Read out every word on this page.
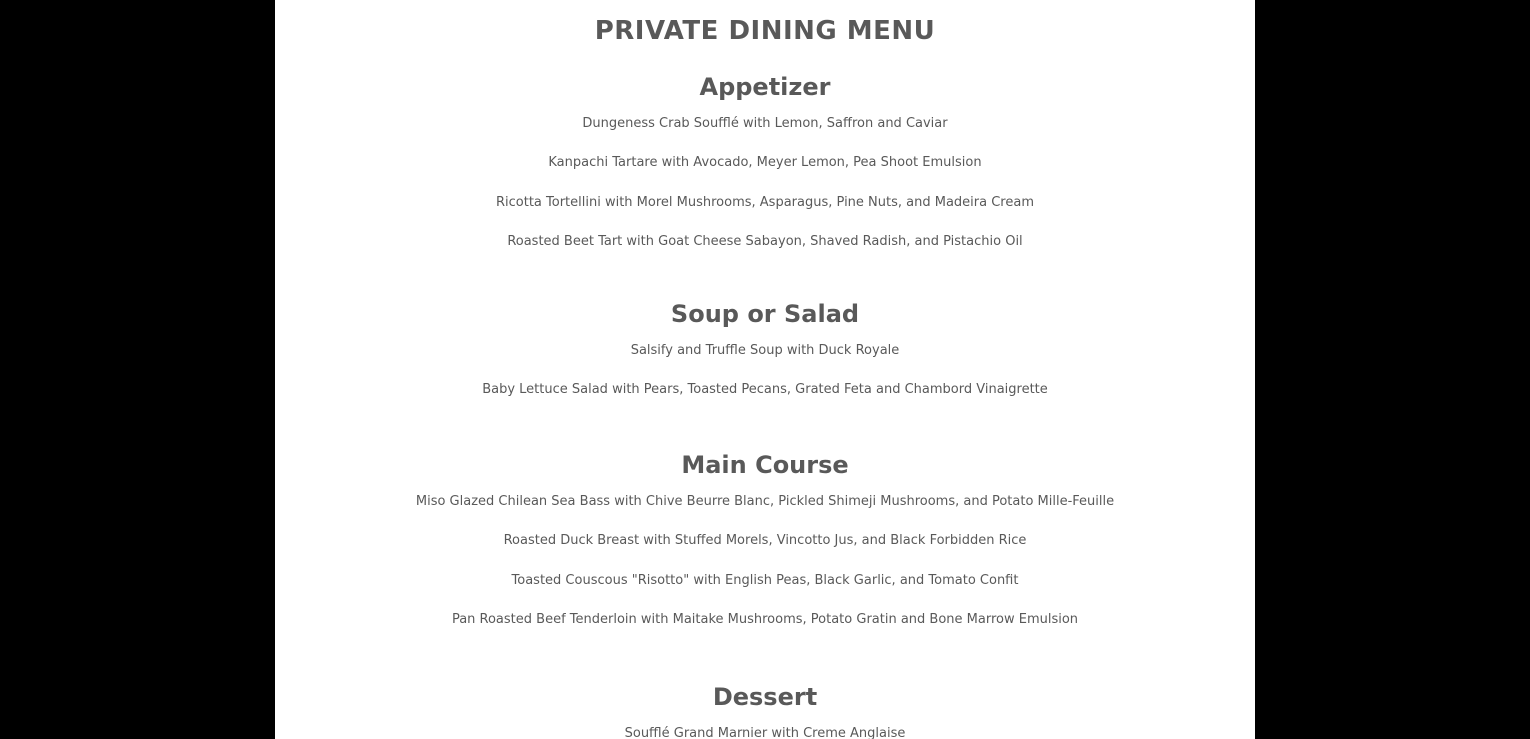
PRIVATE DINING MENU
Appetizer
Dungeness Crab Soufflé with Lemon, Saffron and Caviar
Kanpachi Tartare with Avocado, Meyer Lemon, Pea Shoot Emulsion
Ricotta Tortellini with Morel Mushrooms, Asparagus, Pine Nuts, and Madeira Cream
Roasted Beet Tart with Goat Cheese Sabayon, Shaved Radish, and Pistachio Oil
Soup or Salad
Salsify and Truffle Soup with Duck Royale
Baby Lettuce Salad with Pears, Toasted Pecans, Grated Feta and Chambord Vinaigrette
Main Course
Miso Glazed Chilean Sea Bass with Chive Beurre Blanc, Pickled Shimeji Mushrooms, and Potato Mille-Feuille
Roasted Duck Breast with Stuffed Morels, Vincotto Jus, and Black Forbidden Rice
Toasted Couscous "Risotto" with English Peas, Black Garlic, and Tomato Confit
Pan Roasted Beef Tenderloin with Maitake Mushrooms, Potato Gratin and Bone Marrow Emulsion
Dessert
Soufflé Grand Marnier with Creme Anglaise
